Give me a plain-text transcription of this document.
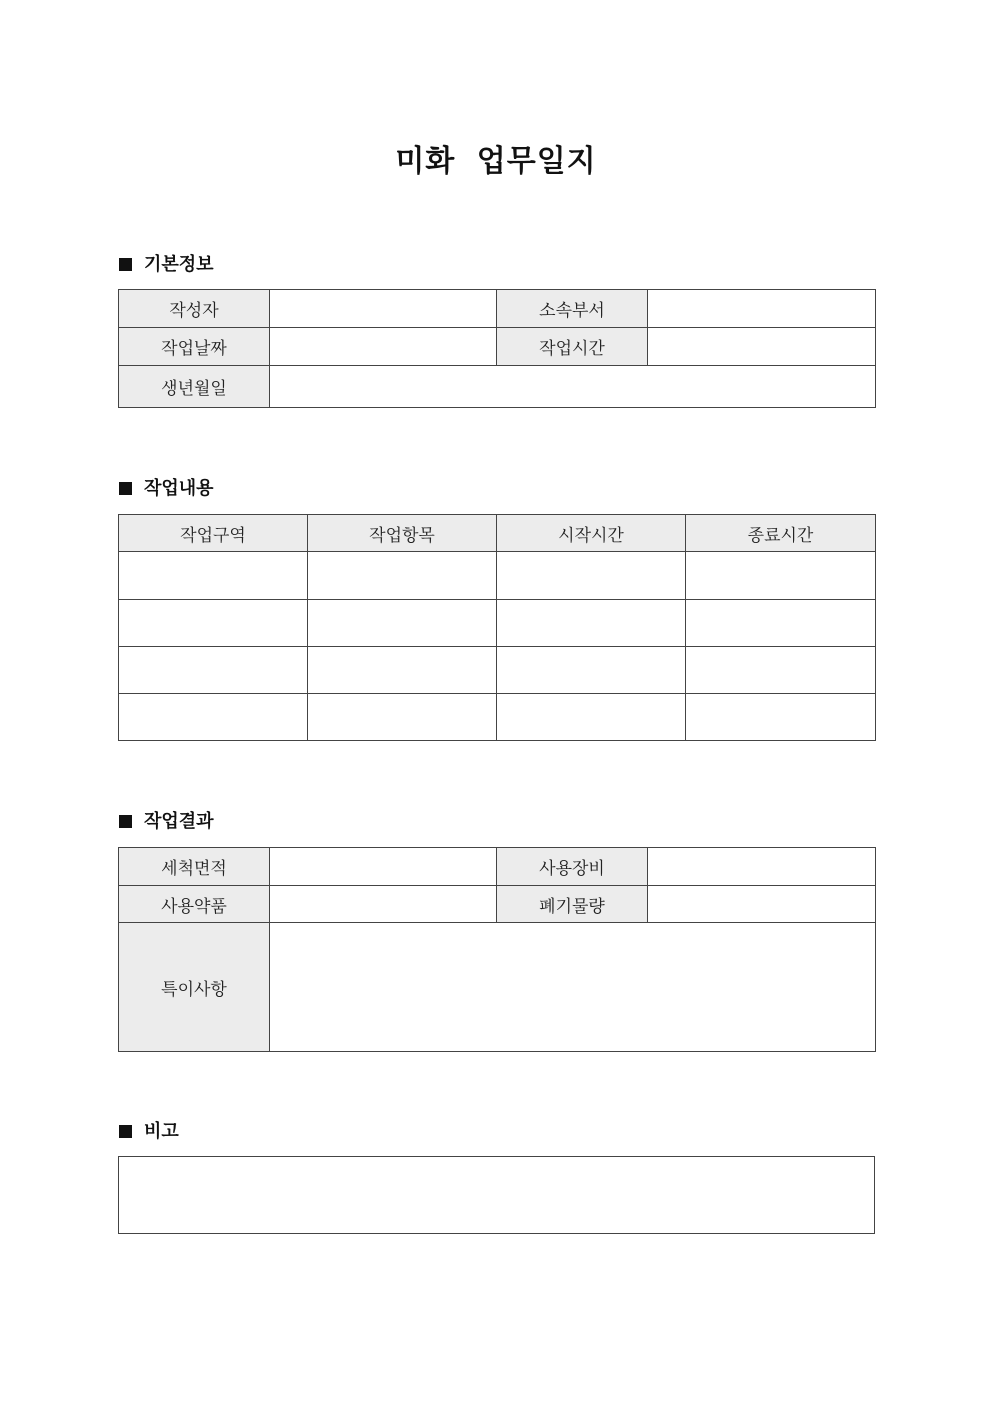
미화 업무일지
기본정보
작성자		소속부서	
작업날짜		작업시간	
생년월일			
작업내용
작업구역	작업항목	시작시간	종료시간

작업결과
세척면적		사용장비	
사용약품		폐기물량	
특이사항			
비고
